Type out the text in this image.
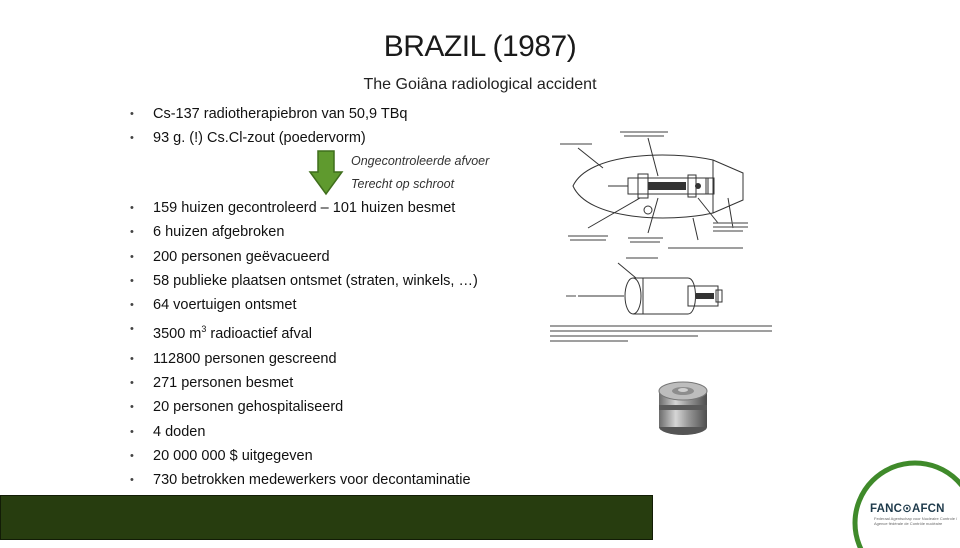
BRAZIL (1987)
The Goiâna radiological accident
• Cs-137 radiotherapiebron van 50,9 TBq
• 93 g. (!) Cs.Cl-zout (poedervorm)
Ongecontroleerde afvoer
Terecht op schroot
• 159 huizen gecontroleerd – 101 huizen besmet
• 6 huizen afgebroken
• 200 personen geëvacueerd
• 58 publieke plaatsen ontsmet (straten, winkels, …)
• 64 voertuigen ontsmet
• 3500 $m^3$ radioactief afval
• 112800 personen gescreend
• 271 personen besmet
• 20 personen gehospitaliseerd
• 4 doden
• 20 000 000 $ uitgegeven
• 730 betrokken medewerkers voor decontaminatie
FANC⊙AFCN
Federaal Agentschap voor Nucleaire Controle / Agence fédérale de Contrôle nucléaire
